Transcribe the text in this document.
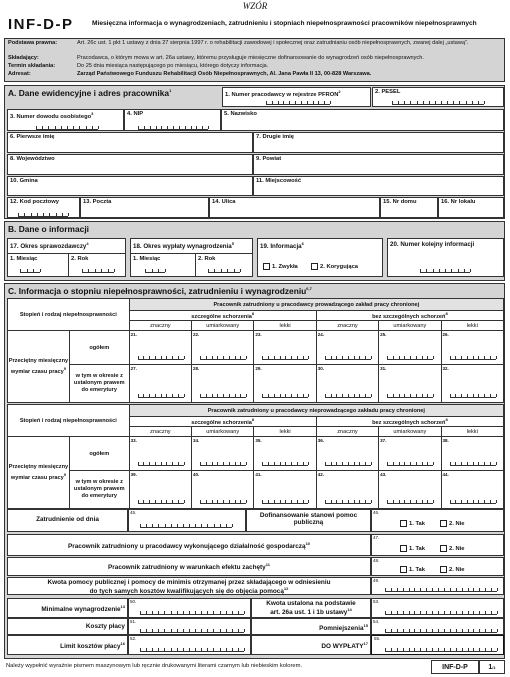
WZÓR
INF-D-P	Miesięczna informacja o wynagrodzeniach, zatrudnieniu i stopniach niepełnosprawności pracowników niepełnosprawnych
Podstawa prawna:	Art. 26c ust. 1 pkt 1 ustawy z dnia 27 sierpnia 1997 r. o rehabilitacji zawodowej i społecznej oraz zatrudnianiu osób niepełnosprawnych, zwanej dalej „ustawą”.
Składający:	Pracodawca, o którym mowa w art. 26a ustawy, któremu przysługuje miesięczne dofinansowanie do wynagrodzeń osób niepełnosprawnych.
Termin składania:	Do 25 dnia miesiąca następującego po miesiącu, którego dotyczy informacja.
Adresat:	Zarząd Państwowego Funduszu Rehabilitacji Osób Niepełnosprawnych, Al. Jana Pawła II 13, 00-828 Warszawa.
A. Dane ewidencyjne i adres pracownika$^1$
1. Numer pracodawcy w rejestrze PFRON$^2$	2. PESEL
3. Numer dowodu osobistego$^3$	4. NIP	5. Nazwisko
6. Pierwsze imię	7. Drugie imię
8. Województwo	9. Powiat
10. Gmina	11. Miejscowość
12. Kod pocztowy	13. Poczta	14. Ulica	15. Nr domu	16. Nr lokalu
B. Dane o informacji
17. Okres sprawozdawczy$^4$
1. Miesiąc	2. Rok
18. Okres wypłaty wynagrodzenia$^5$
1. Miesiąc	2. Rok
19. Informacja$^6$
1. Zwykła	2. Korygująca
20. Numer kolejny informacji
C. Informacja o stopniu niepełnosprawności, zatrudnieniu i wynagrodzeniu$^{6,7}$
Stopień i rodzaj niepełnosprawności		Pracownik zatrudniony u pracodawcy prowadzącego zakład pracy chronionej					
		szczególne schorzenia$^8$			bez szczególnych schorzeń$^8$
		znaczny	umiarkowany	lekki	znaczny	umiarkowany	lekki
Przeciętny miesięczny wymiar czasu pracy$^9$	ogółem	21.	22.	23.	24.	25.	26.

	w tym w okresie z ustalonym prawem do emerytury	27.	28.	29.	30.	31.	32.
Stopień i rodzaj niepełnosprawności		Pracownik zatrudniony u pracodawcy nieprowadzącego zakładu pracy chronionej					
		szczególne schorzenia$^8$			bez szczególnych schorzeń$^8$
		znaczny	umiarkowany	lekki	znaczny	umiarkowany	lekki
Przeciętny miesięczny wymiar czasu pracy$^9$	ogółem	33.	34.	35.	36.	37.	38.

	w tym w okresie z ustalonym prawem do emerytury	39.	40.	41.	42.	43.	44.
Zatrudnienie od dnia
45.	Dofinansowanie stanowi pomoc publiczną
46.
1. Tak	2. Nie
Pracownik zatrudniony u pracodawcy wykonującego działalność gospodarczą$^{10}$
47.
1. Tak	2. Nie
Pracownik zatrudniony w warunkach efektu zachęty$^{11}$
48.
1. Tak	2. Nie
Kwota pomocy publicznej i pomocy de minimis otrzymanej przez składającego w odniesieniu
do tych samych kosztów kwalifikujących się do objęcia pomocą$^{12}$
49.
Minimalne wynagrodzenie$^{13}$
50.
Koszty płacy
51.
Limit kosztów płacy$^{16}$
52.
Kwota ustalona na podstawie
art. 26a ust. 1 i 1b ustawy$^{14}$
53.
Pomniejszenia$^{15}$
54.
DO WYPŁATY$^{17}$
55.
Należy wypełnić wyraźnie pismem maszynowym lub ręcznie drukowanymi literami czarnym lub niebieskim kolorem.	INF-D-P	1/1
